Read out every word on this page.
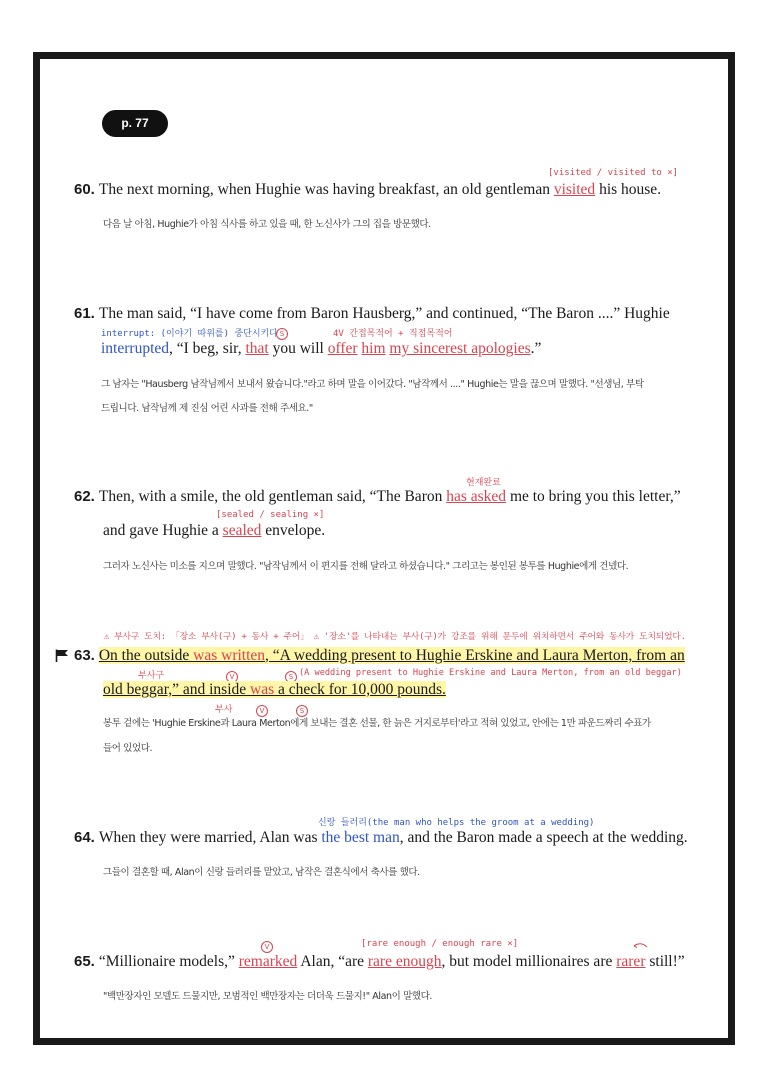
p. 77
[visited / visited to ×]
60. The next morning, when Hughie was having breakfast, an old gentleman visited his house.
다음 날 아침, Hughie가 아침 식사를 하고 있을 때, 한 노신사가 그의 집을 방문했다.
61. The man said, “I have come from Baron Hausberg,” and continued, “The Baron ....” Hughie
interrupt: (이야기 따위를) 중단시키다 S	4V 간접목적어 + 직접목적어
interrupted, “I beg, sir, that you will offer him my sincerest apologies.”
그 남자는 "Hausberg 남작님께서 보내서 왔습니다."라고 하며 말을 이어갔다. "남작께서 ...." Hughie는 말을 끊으며 말했다. "선생님, 부탁
드립니다. 남작님께 제 진심 어린 사과를 전해 주세요."
현재완료
62. Then, with a smile, the old gentleman said, “The Baron has asked me to bring you this letter,”
[sealed / sealing ×]
and gave Hughie a sealed envelope.
그러자 노신사는 미소를 지으며 말했다. "남작님께서 이 편지를 전해 달라고 하셨습니다." 그리고는 봉인된 봉투를 Hughie에게 건넸다.
⚠ 부사구 도치: 「장소 부사(구) + 동사 + 주어」 ⚠ '장소'를 나타내는 부사(구)가 강조를 위해 문두에 위치하면서 주어와 동사가 도치되었다.
63. On the outside was written, “A wedding present to Hughie Erskine and Laura Merton, from an
부사구	V	S (A wedding present to Hughie Erskine and Laura Merton, from an old beggar)
old beggar,” and inside was a check for 10,000 pounds.
부사	V	S
봉투 겉에는 'Hughie Erskine과 Laura Merton에게 보내는 결혼 선물, 한 늙은 거지로부터'라고 적혀 있었고, 안에는 1만 파운드짜리 수표가
들어 있었다.
신랑 들러리(the man who helps the groom at a wedding)
64. When they were married, Alan was the best man, and the Baron made a speech at the wedding.
그들이 결혼할 때, Alan이 신랑 들러리를 맡았고, 남작은 결혼식에서 축사를 했다.
V	[rare enough / enough rare ×]
65. “Millionaire models,” remarked Alan, “are rare enough, but model millionaires are rarer still!”
"백만장자인 모델도 드물지만, 모범적인 백만장자는 더더욱 드물지!" Alan이 말했다.
